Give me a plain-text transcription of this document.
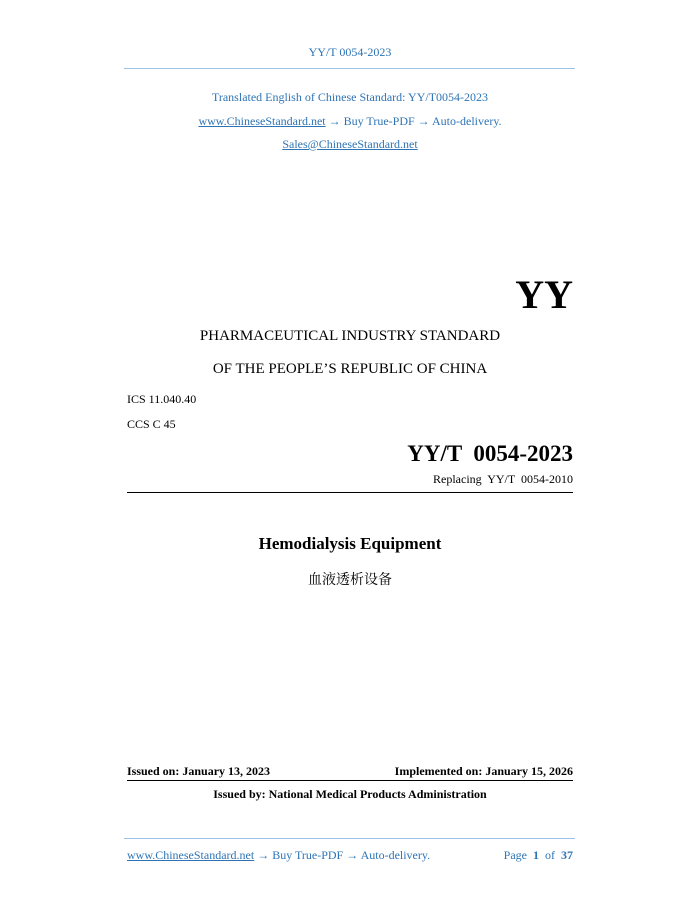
YY/T 0054-2023
Translated English of Chinese Standard: YY/T0054-2023
www.ChineseStandard.net → Buy True-PDF → Auto-delivery.
Sales@ChineseStandard.net
YY
PHARMACEUTICAL INDUSTRY STANDARD
OF THE PEOPLE’S REPUBLIC OF CHINA
ICS 11.040.40
CCS C 45
YY/T  0054-2023
Replacing  YY/T  0054-2010
Hemodialysis Equipment
血液透析设备
Issued on: January 13, 2023	Implemented on: January 15, 2026
Issued by: National Medical Products Administration
www.ChineseStandard.net → Buy True-PDF → Auto-delivery.	Page 1 of 37
